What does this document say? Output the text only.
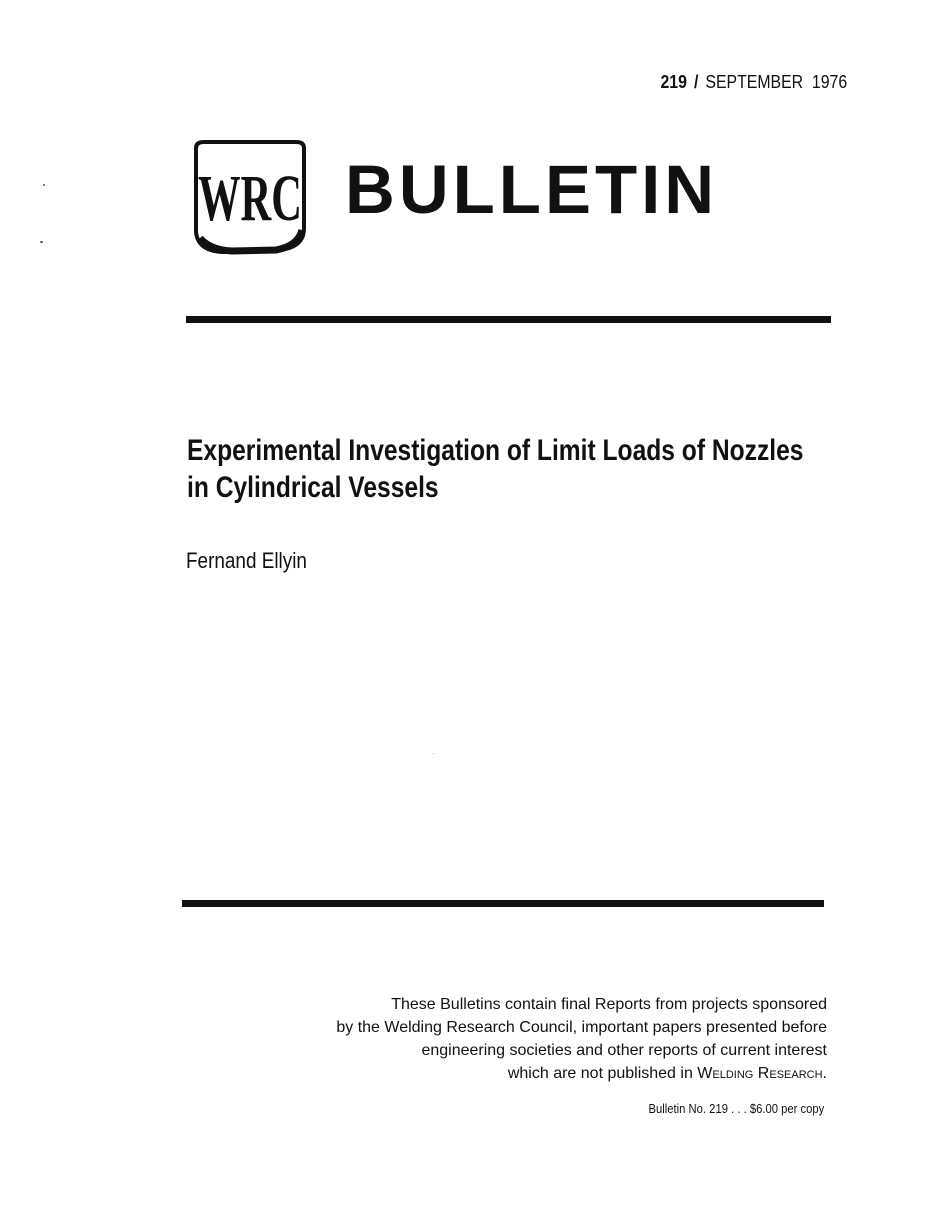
219 / SEPTEMBER  1976
WRC BULLETIN
Experimental Investigation of Limit Loads of Nozzles
in Cylindrical Vessels
Fernand Ellyin
These Bulletins contain final Reports from projects sponsored
by the Welding Research Council, important papers presented before
engineering societies and other reports of current interest
which are not published in Welding Research.
Bulletin No. 219 . . . $6.00 per copy
